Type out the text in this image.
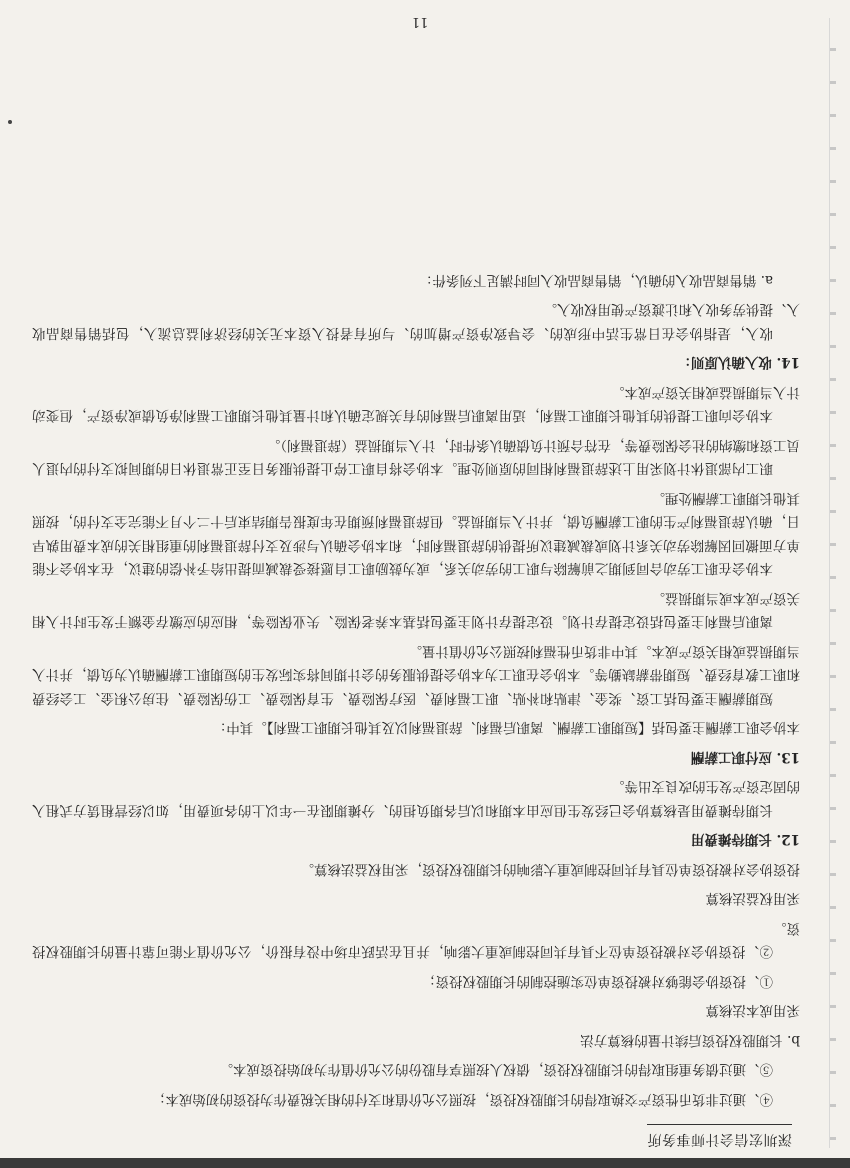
深圳宏信会计师事务所

④、通过非货币性资产交换取得的长期股权投资，按照公允价值和支付的相关税费作为投资的初始成本；

⑤、通过债务重组取得的长期股权投资，债权人按照享有股份的公允价值作为初始投资成本。

b. 长期股权投资后续计量的核算方法

采用成本法核算

①、投资协会能够对被投资单位实施控制的长期股权投资；

②、投资协会对被投资单位不具有共同控制或重大影响，并且在活跃市场中没有报价，公允价值不能可靠计量的长期股权投资。

采用权益法核算

投资协会对被投资单位具有共同控制或重大影响的长期股权投资，采用权益法核算。

12. 长期待摊费用

长期待摊费用是核算协会已经发生但应由本期和以后各期负担的、分摊期限在一年以上的各项费用，如以经营租赁方式租入的固定资产发生的改良支出等。

13. 应付职工薪酬

本协会职工薪酬主要包括【短期职工薪酬、离职后福利、辞退福利以及其他长期职工福利】。其中：

短期薪酬主要包括工资、奖金、津贴和补贴、职工福利费、医疗保险费、生育保险费、工伤保险费、住房公积金、工会经费和职工教育经费、短期带薪缺勤等。本协会在职工为本协会提供服务的会计期间将实际发生的短期职工薪酬确认为负债，并计入当期损益或相关资产成本。其中非货币性福利按照公允价值计量。

离职后福利主要包括设定提存计划。设定提存计划主要包括基本养老保险、失业保险等，相应的应缴存金额于发生时计入相关资产成本或当期损益。

本协会在职工劳动合同到期之前解除与职工的劳动关系，或为鼓励职工自愿接受裁减而提出给予补偿的建议，在本协会不能单方面撤回因解除劳动关系计划或裁减建议所提供的辞退福利时，和本协会确认与涉及支付辞退福利的重组相关的成本费用孰早日，确认辞退福利产生的职工薪酬负债，并计入当期损益。但辞退福利预期在年度报告期结束后十二个月不能完全支付的，按照其他长期职工薪酬处理。

职工内部退休计划采用上述辞退福利相同的原则处理。本协会将自职工停止提供服务日至正常退休日的期间拟支付的内退人员工资和缴纳的社会保险费等，在符合预计负债确认条件时，计入当期损益（辞退福利）。

本协会向职工提供的其他长期职工福利，适用离职后福利的有关规定确认和计量其他长期职工福利净负债或净资产，但变动计入当期损益或相关资产成本。

14. 收入确认原则：

收入，是指协会在日常生活中形成的、会导致净资产增加的、与所有者投入资本无关的经济利益总流入，包括销售商品收入、提供劳务收入和让渡资产使用权收入。

a. 销售商品收入的确认，销售商品收入同时满足下列条件：

11
